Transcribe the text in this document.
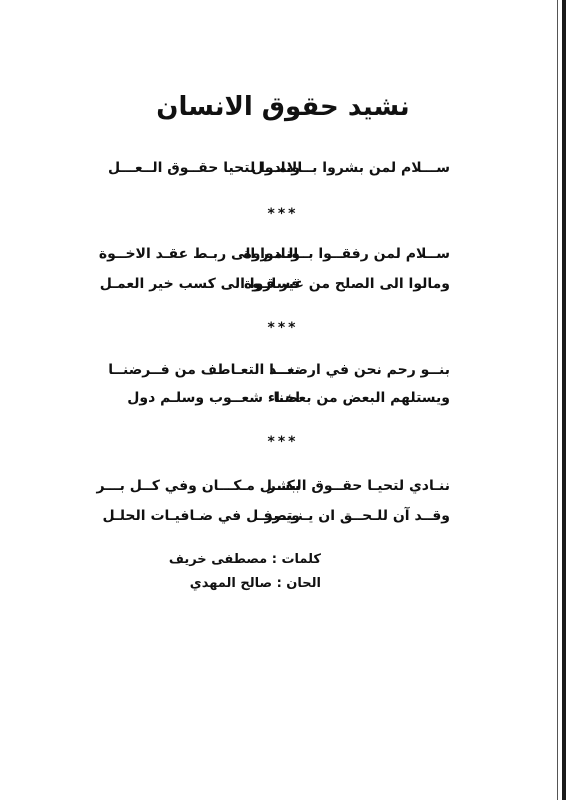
نشيد حقوق الانسان
ســـلام لمن بشروا بــالامـــل
ونادوا لتحيا حقــوق الــعـــل
***
ســلام لمن رفقــوا بــالـمـروة
ونادوا الى ربـط عقـد الاخــوة
ومالوا الى الصلح من غير قـوة
فساروا الى كسب خير العمـل
***
بنــو رحم نحن في ارضنـــا
نعــد التعـاطف من فــرضنــا
ويستلهم البعض من بعضنا
اخـاء شعــوب وسلـم دول
***
ننـادي لتحيـا حقــوق البشر
بكـــل مـكـــان وفي كــل بـــر
وقــد آن للـحــق ان يـنـتصر
ويـرفـل في ضـافيـات الحلـل
كلمات : مصطفى خريف
الحان : صالح المهدي
